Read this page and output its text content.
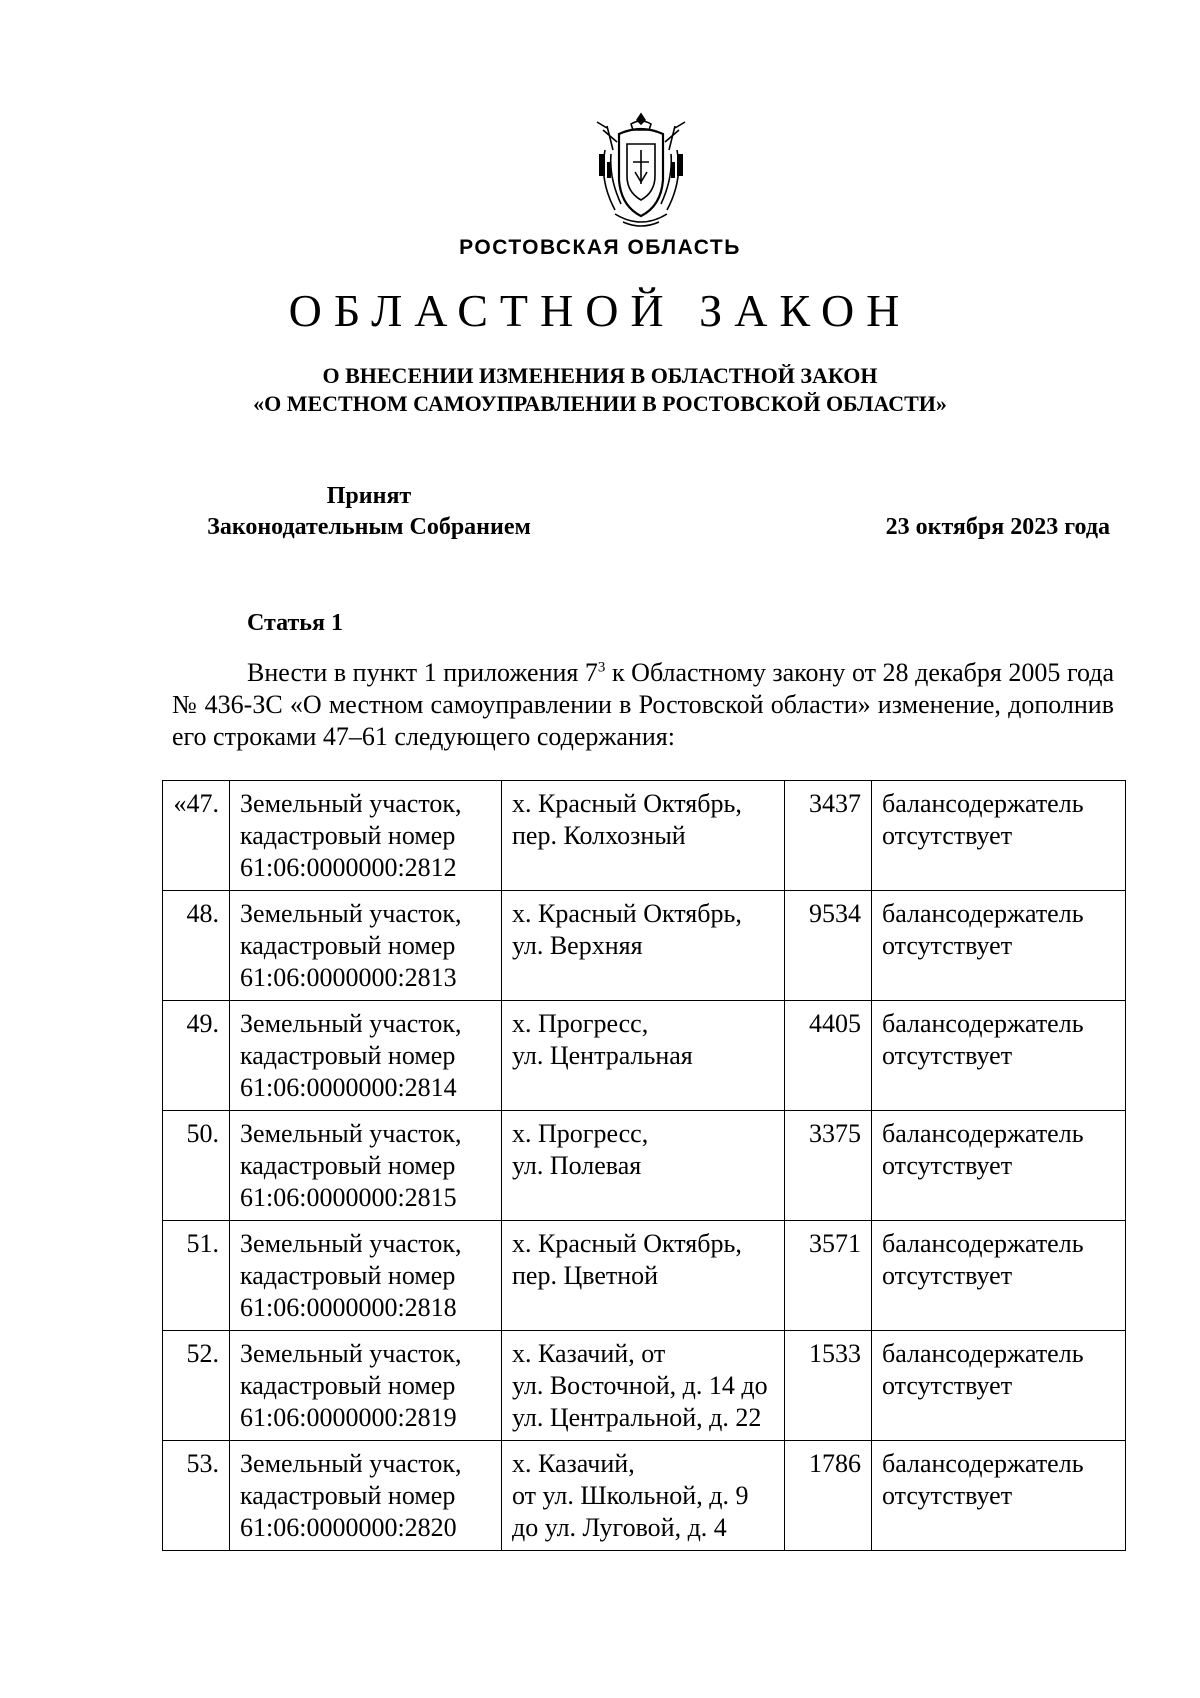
РОСТОВСКАЯ ОБЛАСТЬ
ОБЛАСТНОЙ ЗАКОН
О ВНЕСЕНИИ ИЗМЕНЕНИЯ В ОБЛАСТНОЙ ЗАКОН
«О МЕСТНОМ САМОУПРАВЛЕНИИ В РОСТОВСКОЙ ОБЛАСТИ»
Принят
Законодательным Собранием	23 октября 2023 года
Статья 1
Внести в пункт 1 приложения $7^3$ к Областному закону от 28 декабря 2005 года № 436-ЗС «О местном самоуправлении в Ростовской области» изменение, дополнив его строками 47–61 следующего содержания:
«47.	Земельный участок,
кадастровый номер
61:06:0000000:2812	х. Красный Октябрь,
пер. Колхозный	3437	балансодержатель
отсутствует

48.	Земельный участок,
кадастровый номер
61:06:0000000:2813	х. Красный Октябрь,
ул. Верхняя	9534	балансодержатель
отсутствует

49.	Земельный участок,
кадастровый номер
61:06:0000000:2814	х. Прогресс,
ул. Центральная	4405	балансодержатель
отсутствует

50.	Земельный участок,
кадастровый номер
61:06:0000000:2815	х. Прогресс,
ул. Полевая	3375	балансодержатель
отсутствует

51.	Земельный участок,
кадастровый номер
61:06:0000000:2818	х. Красный Октябрь,
пер. Цветной	3571	балансодержатель
отсутствует

52.	Земельный участок,
кадастровый номер
61:06:0000000:2819	х. Казачий, от
ул. Восточной, д. 14 до
ул. Центральной, д. 22	1533	балансодержатель
отсутствует

53.	Земельный участок,
кадастровый номер
61:06:0000000:2820	х. Казачий,
от ул. Школьной, д. 9
до ул. Луговой, д. 4	1786	балансодержатель
отсутствует
